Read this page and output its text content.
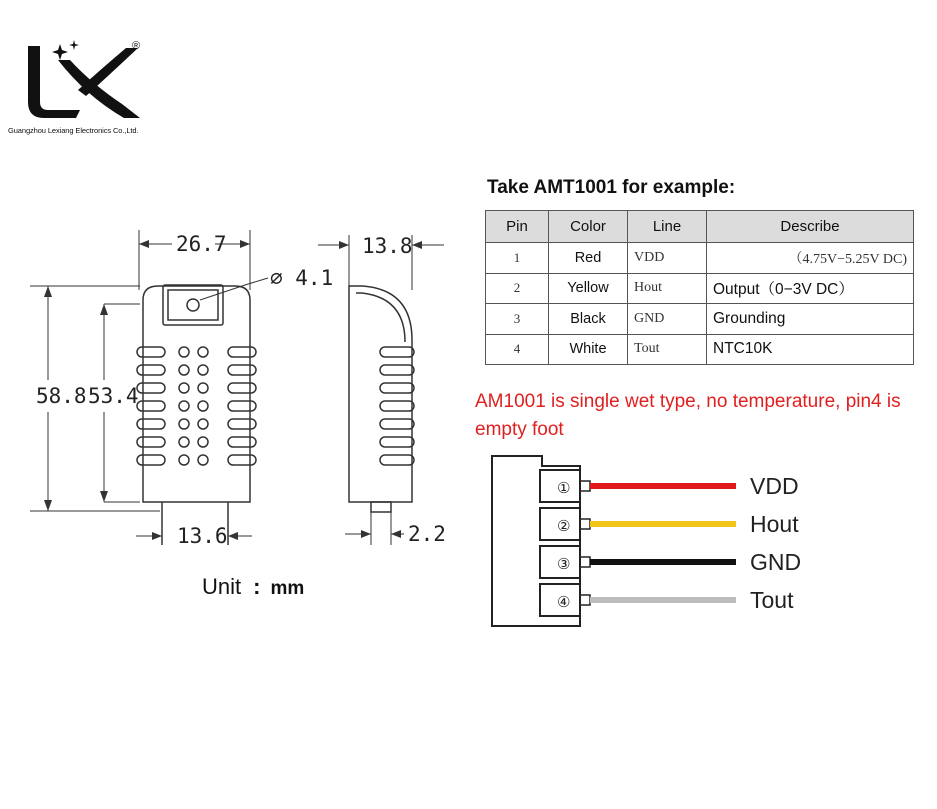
®
26.7
⌀ 4.1
13.8
58.8 53.4
13.6	2.2
①
②
③
④
VDD
Hout
GND
Tout
Guangzhou Lexiang Electronics Co.,Ltd.
Take AMT1001 for example:
Pin	Color	Line	Describe
1	Red	VDD	（4.75V−5.25V DC)
2	Yellow	Hout	Output（0−3V DC）
3	Black	GND	Grounding
4	White	Tout	NTC10K
AM1001 is single wet type, no temperature, pin4 is empty foot
Unit : mm
